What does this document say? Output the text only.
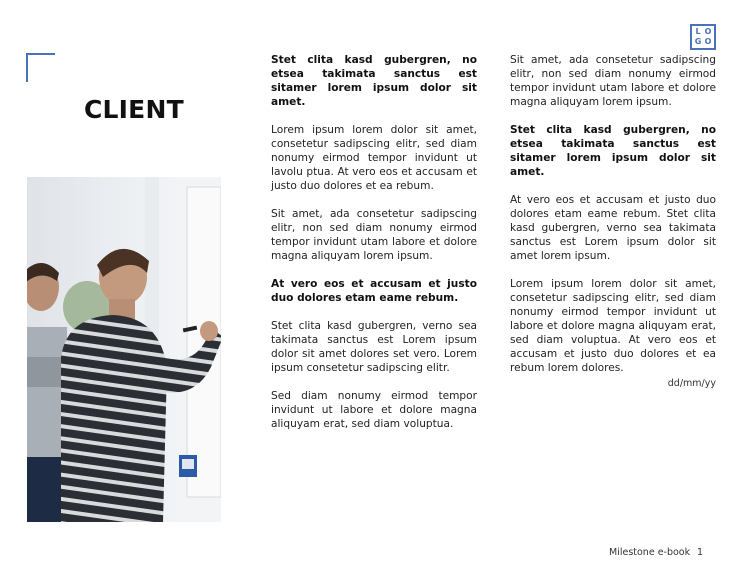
CLIENT
L O
G O

Stet clita kasd gubergren, no etsea takimata sanctus est sitamer lorem ipsum dolor sit amet.

Lorem ipsum lorem dolor sit amet, consetetur sadipscing elitr, sed diam nonumy eirmod tempor invidunt ut lavolu ptua. At vero eos et accusam et justo duo dolores et ea rebum.

Sit amet, ada consetetur sadipscing elitr, non sed diam nonumy eirmod tempor invidunt utam labore et dolore magna aliquyam lorem ipsum.

At vero eos et accusam et justo duo dolores etam eame rebum.

Stet clita kasd gubergren, verno sea takimata sanctus est Lorem ipsum dolor sit amet dolores set vero. Lorem ipsum consetetur sadipscing elitr.

Sed diam nonumy eirmod tempor invidunt ut labore et dolore magna aliquyam erat, sed diam voluptua.

Sit amet, ada consetetur sadipscing elitr, non sed diam nonumy eirmod tempor invidunt utam labore et dolore magna aliquyam lorem ipsum.

Stet clita kasd gubergren, no etsea takimata sanctus est sitamer lorem ipsum dolor sit amet.

At vero eos et accusam et justo duo dolores etam eame rebum. Stet clita kasd gubergren, verno sea takimata sanctus est Lorem ipsum dolor sit amet lorem ipsum.

Lorem ipsum lorem dolor sit amet, consetetur sadipscing elitr, sed diam nonumy eirmod tempor invidunt ut labore et dolore magna aliquyam erat, sed diam voluptua. At vero eos et accusam et justo duo dolores et ea rebum lorem dolores.

dd/mm/yy
Milestone e-book 1
